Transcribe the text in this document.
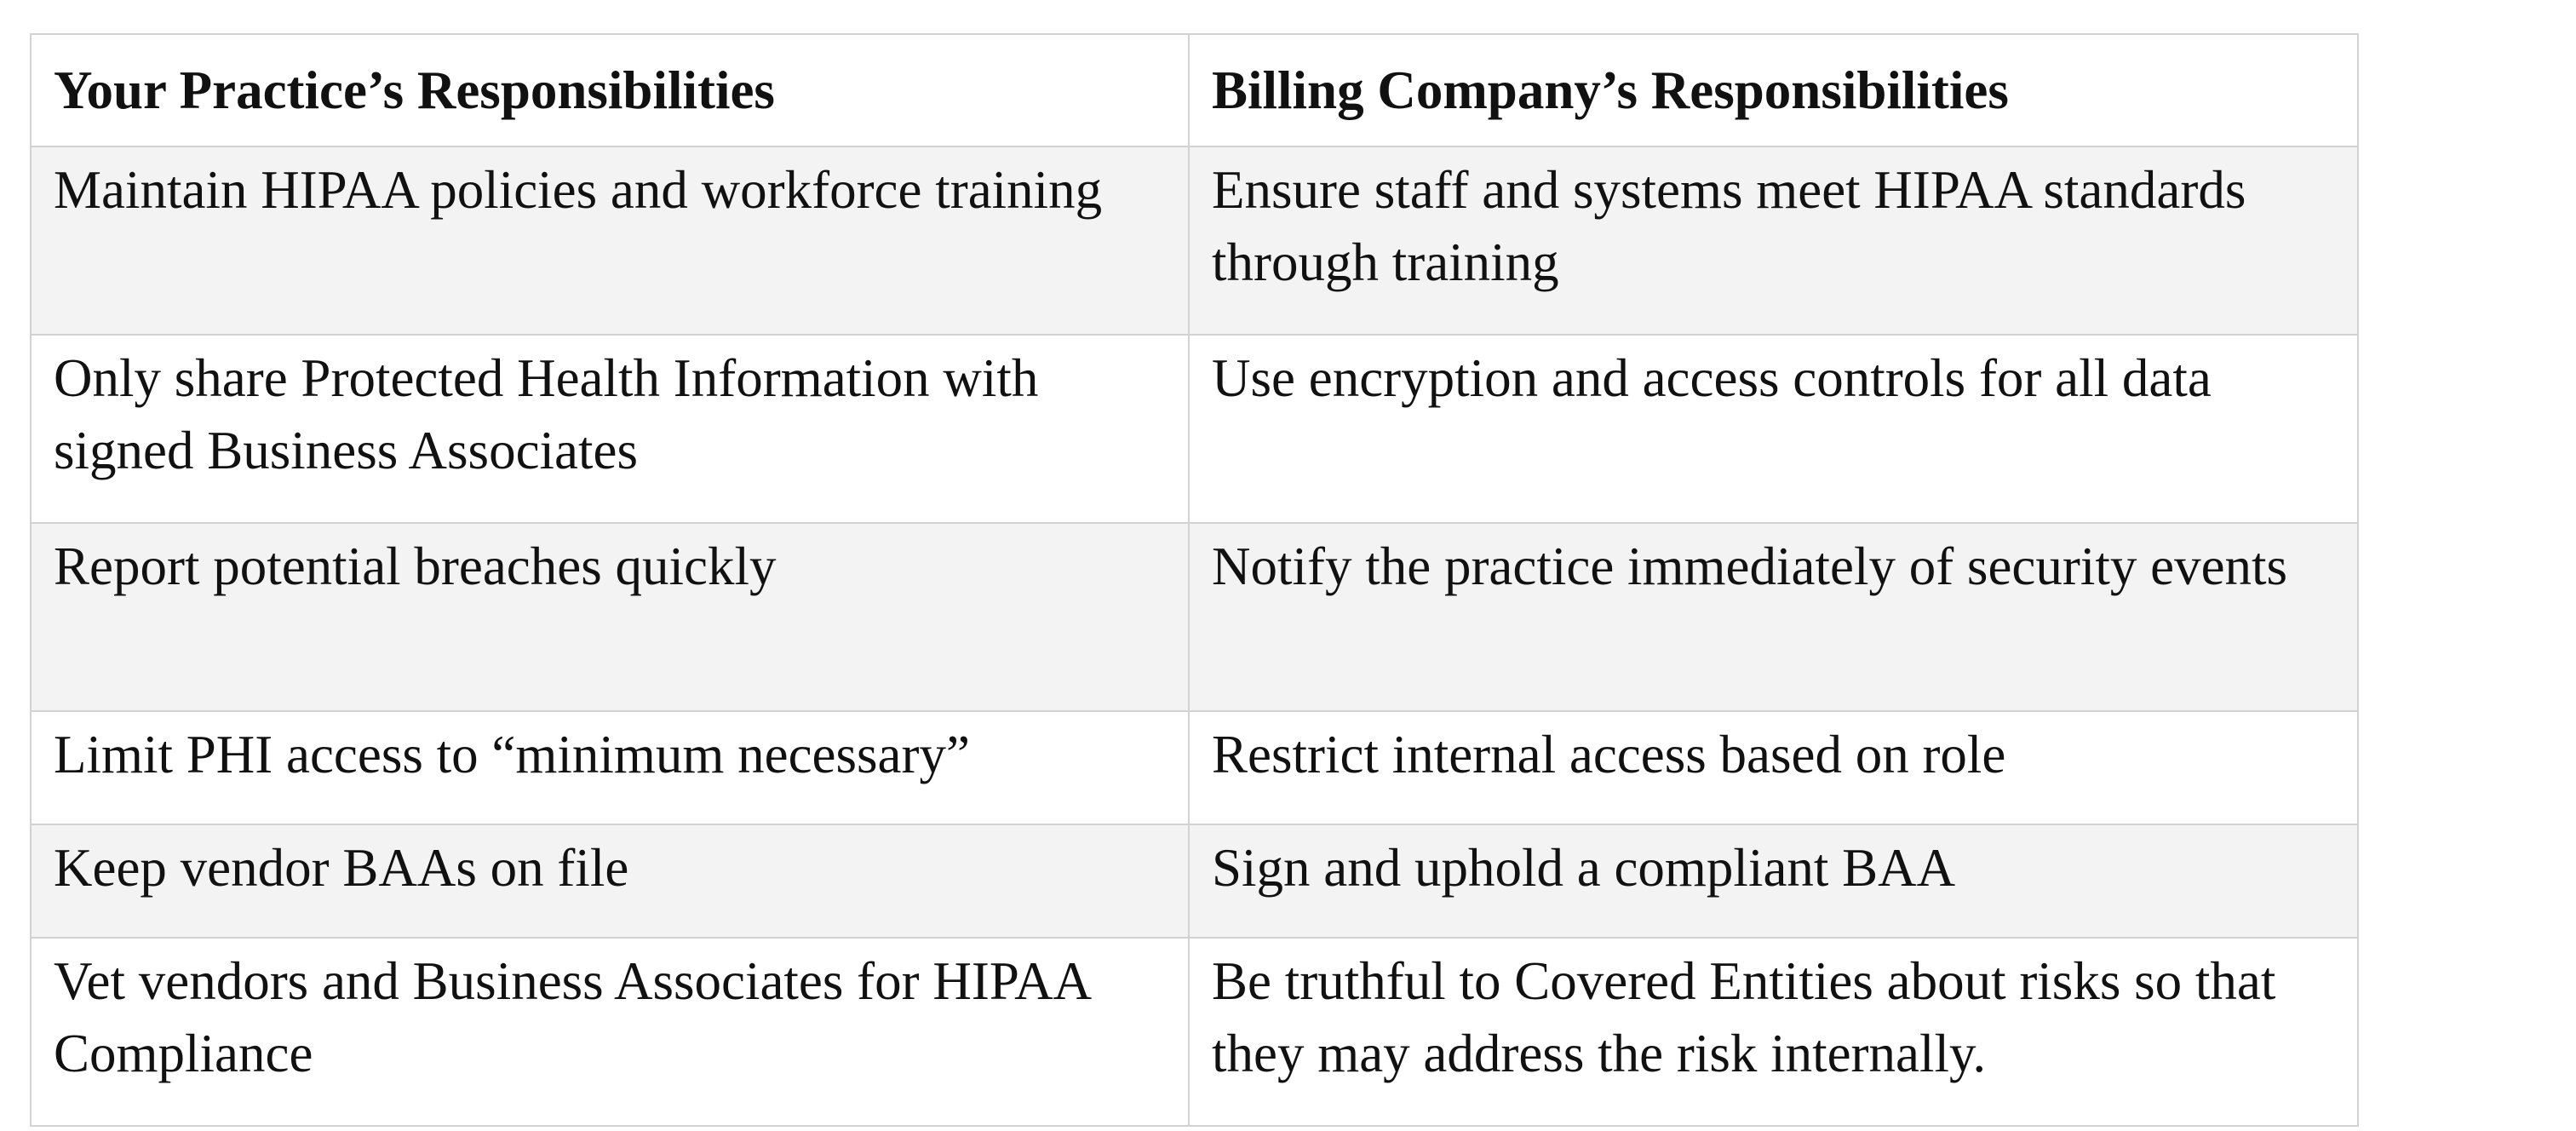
Your Practice’s Responsibilities	Billing Company’s Responsibilities
Maintain HIPAA policies and workforce training	Ensure staff and systems meet HIPAA standards through training
Only share Protected Health Information with signed Business Associates	Use encryption and access controls for all data
Report potential breaches quickly	Notify the practice immediately of security events
Limit PHI access to “minimum necessary”	Restrict internal access based on role
Keep vendor BAAs on file	Sign and uphold a compliant BAA
Vet vendors and Business Associates for HIPAA Compliance	Be truthful to Covered Entities about risks so that they may address the risk internally.
